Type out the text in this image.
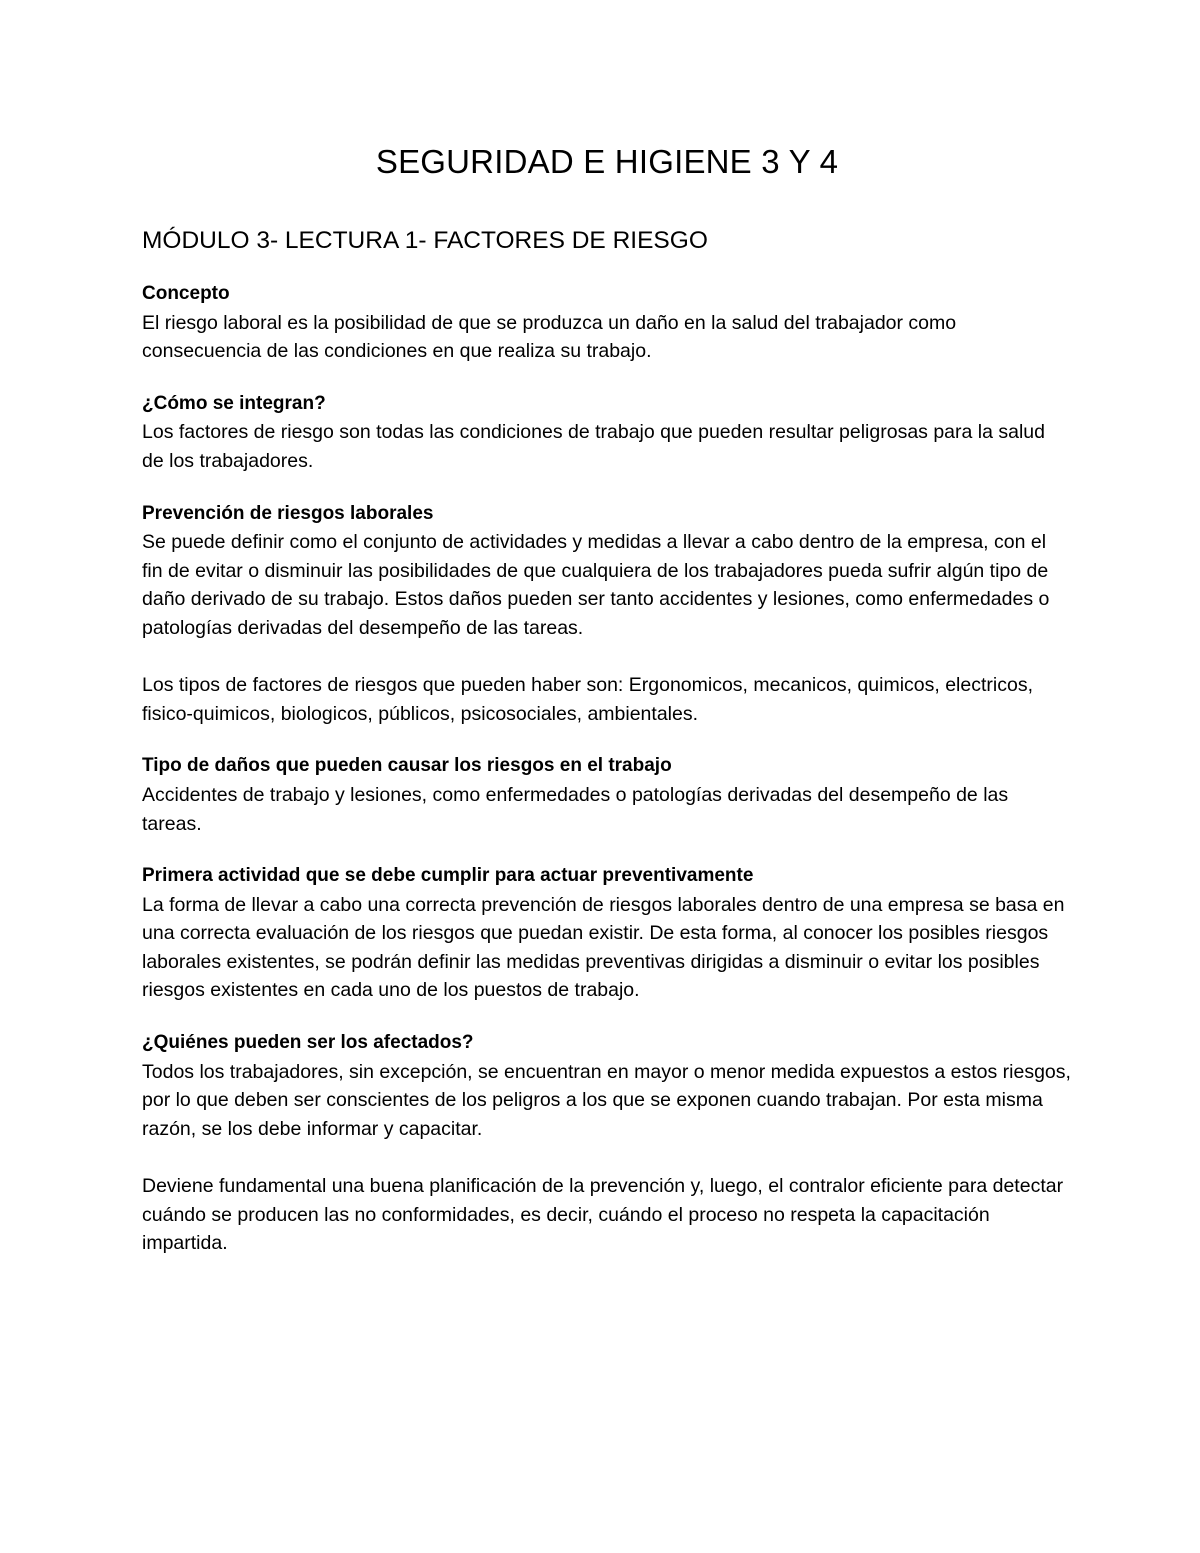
SEGURIDAD E HIGIENE 3 Y 4
MÓDULO 3- LECTURA 1- FACTORES DE RIESGO

Concepto

El riesgo laboral es la posibilidad de que se produzca un daño en la salud del trabajador como consecuencia de las condiciones en que realiza su trabajo.

¿Cómo se integran?

Los factores de riesgo son todas las condiciones de trabajo que pueden resultar peligrosas para la salud de los trabajadores.

Prevención de riesgos laborales

Se puede definir como el conjunto de actividades y medidas a llevar a cabo dentro de la empresa, con el fin de evitar o disminuir las posibilidades de que cualquiera de los trabajadores pueda sufrir algún tipo de daño derivado de su trabajo. Estos daños pueden ser tanto accidentes y lesiones, como enfermedades o patologías derivadas del desempeño de las tareas.

Los tipos de factores de riesgos que pueden haber son: Ergonomicos, mecanicos, quimicos, electricos, fisico-quimicos, biologicos, públicos, psicosociales, ambientales.

Tipo de daños que pueden causar los riesgos en el trabajo

Accidentes de trabajo y lesiones, como enfermedades o patologías derivadas del desempeño de las tareas.

Primera actividad que se debe cumplir para actuar preventivamente

La forma de llevar a cabo una correcta prevención de riesgos laborales dentro de una empresa se basa en una correcta evaluación de los riesgos que puedan existir. De esta forma, al conocer los posibles riesgos laborales existentes, se podrán definir las medidas preventivas dirigidas a disminuir o evitar los posibles riesgos existentes en cada uno de los puestos de trabajo.

¿Quiénes pueden ser los afectados?

Todos los trabajadores, sin excepción, se encuentran en mayor o menor medida expuestos a estos riesgos, por lo que deben ser conscientes de los peligros a los que se exponen cuando trabajan. Por esta misma razón, se los debe informar y capacitar.

Deviene fundamental una buena planificación de la prevención y, luego, el contralor eficiente para detectar cuándo se producen las no conformidades, es decir, cuándo el proceso no respeta la capacitación impartida.
